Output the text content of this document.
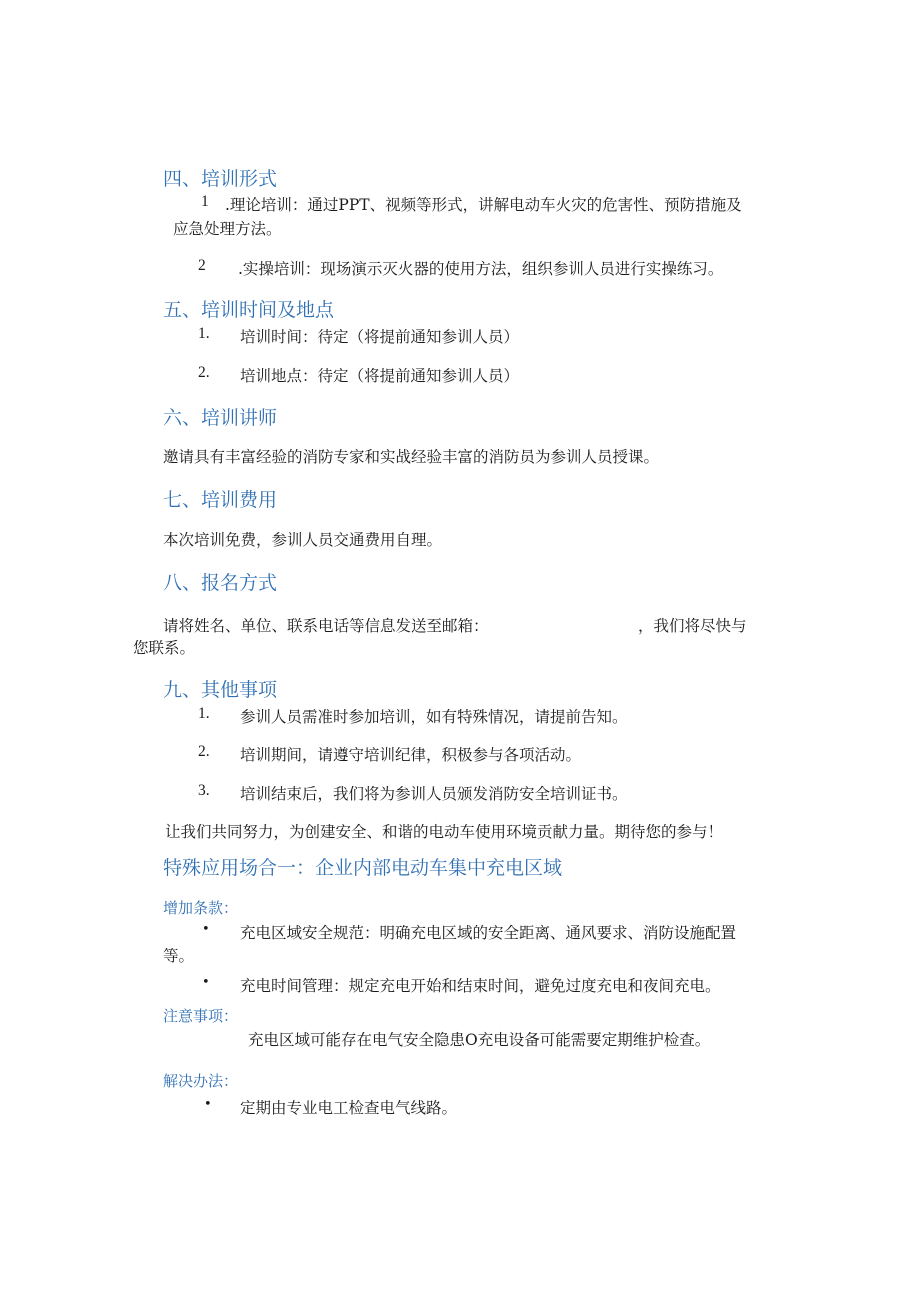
四、培训形式
1 .理论培训：通过PPT、视频等形式，讲解电动车火灾的危害性、预防措施及
应急处理方法。
2 .实操培训：现场演示灭火器的使用方法，组织参训人员进行实操练习。
五、培训时间及地点
1. 培训时间：待定（将提前通知参训人员）
2. 培训地点：待定（将提前通知参训人员）
六、培训讲师
邀请具有丰富经验的消防专家和实战经验丰富的消防员为参训人员授课。
七、培训费用
本次培训免费，参训人员交通费用自理。
八、报名方式
请将姓名、单位、联系电话等信息发送至邮箱：	，我们将尽快与
您联系。
九、其他事项
1. 参训人员需准时参加培训，如有特殊情况，请提前告知。
2. 培训期间，请遵守培训纪律，积极参与各项活动。
3. 培训结束后，我们将为参训人员颁发消防安全培训证书。
让我们共同努力，为创建安全、和谐的电动车使用环境贡献力量。期待您的参与！
特殊应用场合一：企业内部电动车集中充电区域
增加条款：
• 充电区域安全规范：明确充电区域的安全距离、通风要求、消防设施配置
等。
• 充电时间管理：规定充电开始和结束时间，避免过度充电和夜间充电。
注意事项：
充电区域可能存在电气安全隐患O充电设备可能需要定期维护检查。
解决办法：
• 定期由专业电工检查电气线路。
